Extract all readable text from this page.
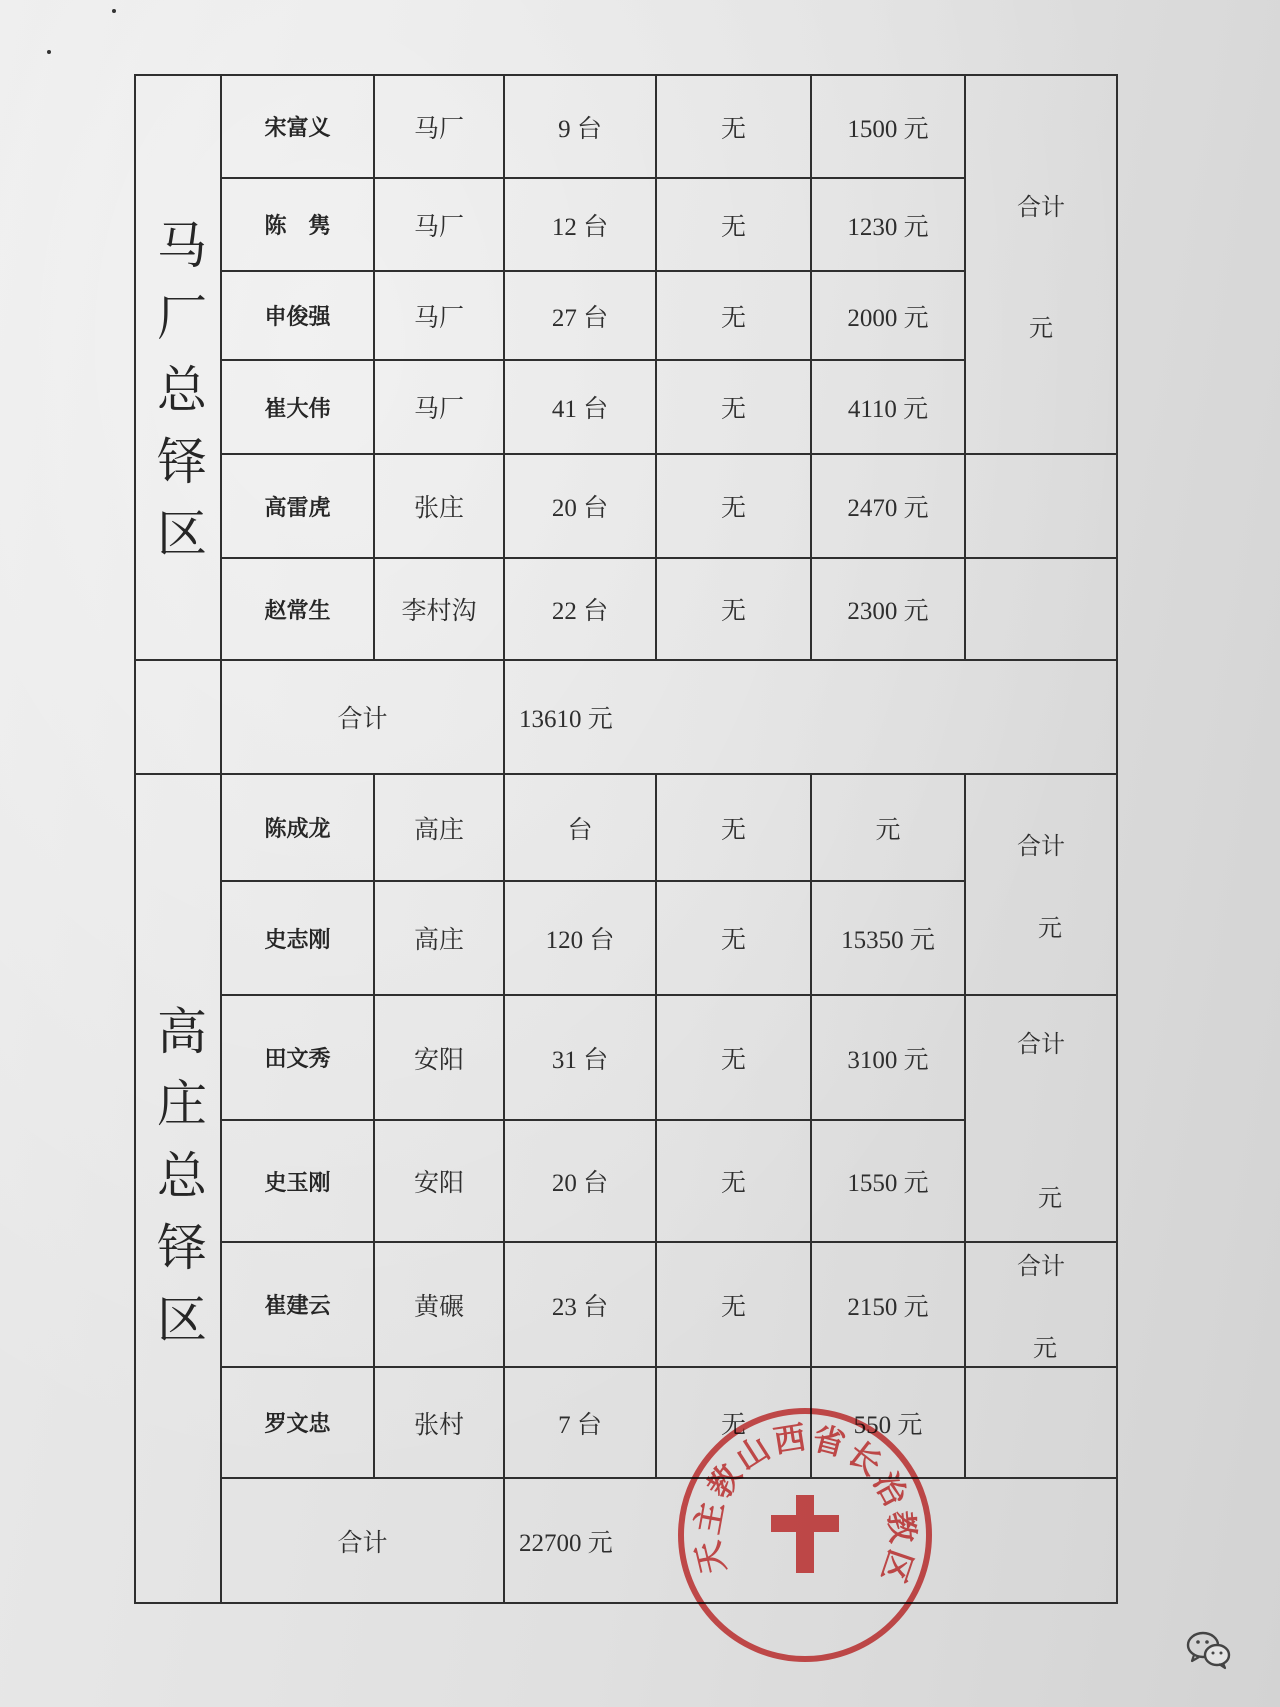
马厂总铎区	宋富义	马厂	9 台	无	1500 元	合计
元

	陈　隽	马厂	12 台	无	1230 元	
	申俊强	马厂	27 台	无	2000 元	
	崔大伟	马厂	41 台	无	4110 元	
	高雷虎	张庄	20 台	无	2470 元	
	赵常生	李村沟	22 台	无	2300 元	
	合计		13610 元			
高庄总铎区	陈成龙	高庄	台	无	元	合计
元

	史志刚	高庄	120 台	无	15350 元	
	田文秀	安阳	31 台	无	3100 元	合计
元

	史玉刚	安阳	20 台	无	1550 元	
	崔建云	黄碾	23 台	无	2150 元	合计
元

	罗文忠	张村	7 台	无	550 元	
	合计		22700 元			天主教山西省长治教区
